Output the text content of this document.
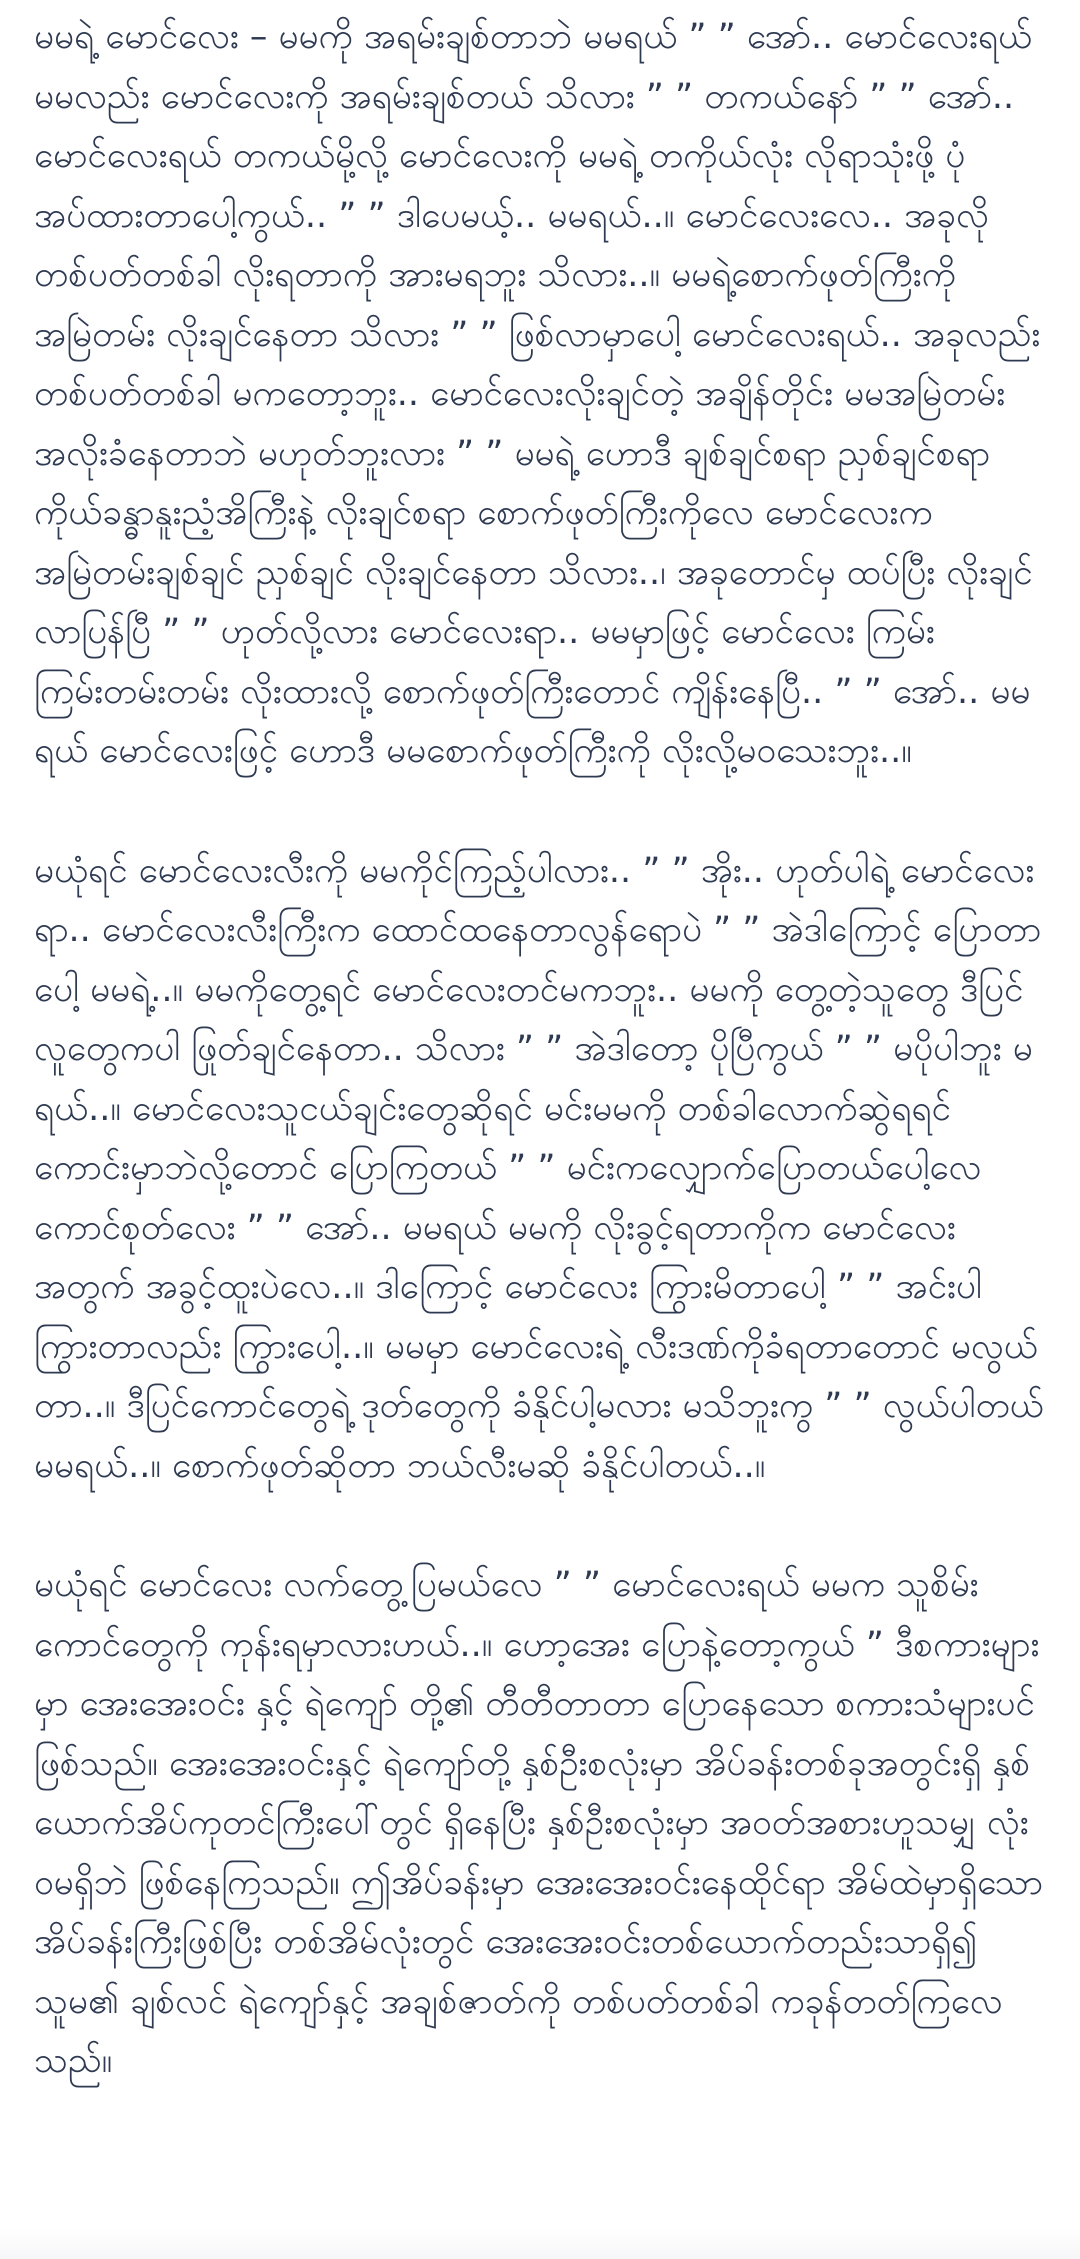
မမရဲ့ မောင်လေး – မမကို အရမ်းချစ်တာဘဲ မမရယ် ” ” အော်.. မောင်လေးရယ် မမလည်း မောင်လေးကို အရမ်းချစ်တယ် သိလား ” ” တကယ်နော် ” ” အော်.. မောင်လေးရယ် တကယ်မို့လို့ မောင်လေးကို မမရဲ့ တကိုယ်လုံး လိုရာသုံးဖို့ ပုံအပ်ထားတာပေါ့ကွယ်.. ” ” ဒါပေမယ့်.. မမရယ်..။ မောင်လေးလေ.. အခုလို တစ်ပတ်တစ်ခါ လိုးရတာကို အားမရဘူး သိလား..။ မမရဲ့စောက်ဖုတ်ကြီးကို အမြဲတမ်း လိုးချင်နေတာ သိလား ” ” ဖြစ်လာမှာပေါ့ မောင်လေးရယ်.. အခုလည်း တစ်ပတ်တစ်ခါ မကတော့ဘူး.. မောင်လေးလိုးချင်တဲ့ အချိန်တိုင်း မမအမြဲတမ်း အလိုးခံနေတာဘဲ မဟုတ်ဘူးလား ” ” မမရဲ့ ဟောဒီ ချစ်ချင်စရာ ညှစ်ချင်စရာ ကိုယ်ခန္ဓာနူးညံ့အိကြီးနဲ့ လိုးချင်စရာ စောက်ဖုတ်ကြီးကိုလေ မောင်လေးက အမြဲတမ်းချစ်ချင် ညှစ်ချင် လိုးချင်နေတာ သိလား..၊ အခုတောင်မှ ထပ်ပြီး လိုးချင်လာပြန်ပြီ ” ” ဟုတ်လို့လား မောင်လေးရာ.. မမမှာဖြင့် မောင်လေး ကြမ်းကြမ်းတမ်းတမ်း လိုးထားလို့ စောက်ဖုတ်ကြီးတောင် ကျိန်းနေပြီ.. ” ” အော်.. မမရယ် မောင်လေးဖြင့် ဟောဒီ မမစောက်ဖုတ်ကြီးကို လိုးလို့မဝသေးဘူး..။

မယုံရင် မောင်လေးလီးကို မမကိုင်ကြည့်ပါလား.. ” ” အိုး.. ဟုတ်ပါရဲ့ မောင်လေးရာ.. မောင်လေးလီးကြီးက ထောင်ထနေတာလွန်ရောပဲ ” ” အဲဒါကြောင့် ပြောတာပေါ့ မမရဲ့..။ မမကိုတွေ့ရင် မောင်လေးတင်မကဘူး.. မမကို တွေ့တဲ့သူတွေ ဒီပြင်လူတွေကပါ ဖြုတ်ချင်နေတာ.. သိလား ” ” အဲဒါတော့ ပိုပြီကွယ် ” ” မပိုပါဘူး မရယ်..။ မောင်လေးသူငယ်ချင်းတွေဆိုရင် မင်းမမကို တစ်ခါလောက်ဆွဲရရင် ကောင်းမှာဘဲလို့တောင် ပြောကြတယ် ” ” မင်းကလျှောက်ပြောတယ်ပေါ့လေ ကောင်စုတ်လေး ” ” အော်.. မမရယ် မမကို လိုးခွင့်ရတာကိုက မောင်လေးအတွက် အခွင့်ထူးပဲလေ..။ ဒါကြောင့် မောင်လေး ကြွားမိတာပေါ့ ” ” အင်းပါ ကြွားတာလည်း ကြွားပေါ့..။ မမမှာ မောင်လေးရဲ့ လီးဒဏ်ကိုခံရတာတောင် မလွယ်တာ..။ ဒီပြင်ကောင်တွေရဲ့ ဒုတ်တွေကို ခံနိုင်ပါ့မလား မသိဘူးကွ ” ” လွယ်ပါတယ် မမရယ်..။ စောက်ဖုတ်ဆိုတာ ဘယ်လီးမဆို ခံနိုင်ပါတယ်..။

မယုံရင် မောင်လေး လက်တွေ့ပြမယ်လေ ” ” မောင်လေးရယ် မမက သူစိမ်းကောင်တွေကို ကုန်းရမှာလားဟယ်..။ ဟော့အေး ပြောနဲ့တော့ကွယ် ” ဒီစကားများမှာ အေးအေးဝင်း နှင့် ရဲကျော် တို့၏ တီတီတာတာ ပြောနေသော စကားသံများပင် ဖြစ်သည်။ အေးအေးဝင်းနှင့် ရဲကျော်တို့ နှစ်ဦးစလုံးမှာ အိပ်ခန်းတစ်ခုအတွင်းရှိ နှစ်ယောက်အိပ်ကုတင်ကြီးပေါ်တွင် ရှိနေပြီး နှစ်ဦးစလုံးမှာ အဝတ်အစားဟူသမျှ လုံးဝမရှိဘဲ ဖြစ်နေကြသည်။ ဤအိပ်ခန်းမှာ အေးအေးဝင်းနေထိုင်ရာ အိမ်ထဲမှာရှိသော အိပ်ခန်းကြီးဖြစ်ပြီး တစ်အိမ်လုံးတွင် အေးအေးဝင်းတစ်ယောက်တည်းသာရှိ၍ သူမ၏ ချစ်လင် ရဲကျော်နှင့် အချစ်ဇာတ်ကို တစ်ပတ်တစ်ခါ ကခုန်တတ်ကြလေသည်။
